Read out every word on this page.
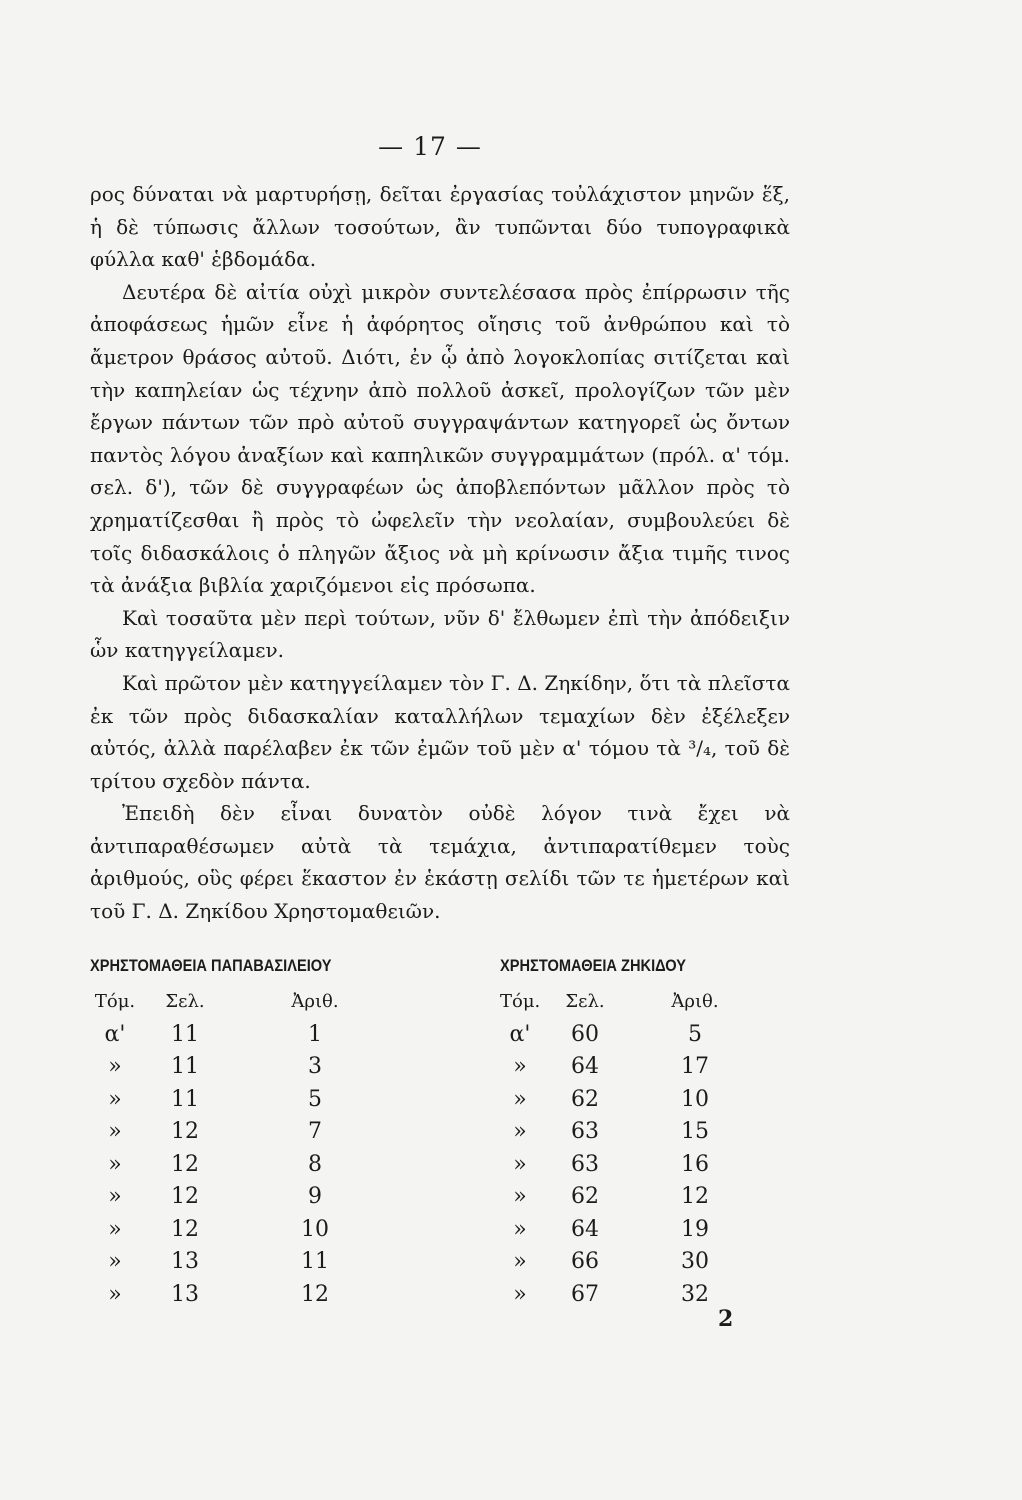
— 17 —

ρος δύναται νὰ μαρτυρήσῃ, δεῖται ἐργασίας τοὐλάχιστον μηνῶν ἕξ, ἡ δὲ τύπωσις ἄλλων τοσούτων, ἂν τυπῶνται δύο τυπογραφικὰ φύλλα καθ' ἑβδομάδα.

Δευτέρα δὲ αἰτία οὐχὶ μικρὸν συντελέσασα πρὸς ἐπίρρωσιν τῆς ἀποφάσεως ἡμῶν εἶνε ἡ ἀφόρητος οἴησις τοῦ ἀνθρώπου καὶ τὸ ἄμετρον θράσος αὐτοῦ. Διότι, ἐν ᾧ ἀπὸ λογοκλοπίας σιτίζεται καὶ τὴν καπηλείαν ὡς τέχνην ἀπὸ πολλοῦ ἀσκεῖ, προλογίζων τῶν μὲν ἔργων πάντων τῶν πρὸ αὐτοῦ συγγραψάντων κατηγορεῖ ὡς ὄντων παντὸς λόγου ἀναξίων καὶ καπηλικῶν συγγραμμάτων (πρόλ. α' τόμ. σελ. δ'), τῶν δὲ συγγραφέων ὡς ἀποβλεπόντων μᾶλλον πρὸς τὸ χρηματίζεσθαι ἢ πρὸς τὸ ὠφελεῖν τὴν νεολαίαν, συμβουλεύει δὲ τοῖς διδασκάλοις ὁ πληγῶν ἄξιος νὰ μὴ κρίνωσιν ἄξια τιμῆς τινος τὰ ἀνάξια βιβλία χαριζόμενοι εἰς πρόσωπα.

Καὶ τοσαῦτα μὲν περὶ τούτων, νῦν δ' ἔλθωμεν ἐπὶ τὴν ἀπόδειξιν ὧν κατηγγείλαμεν.

Καὶ πρῶτον μὲν κατηγγείλαμεν τὸν Γ. Δ. Ζηκίδην, ὅτι τὰ πλεῖστα ἐκ τῶν πρὸς διδασκαλίαν καταλλήλων τεμαχίων δὲν ἐξέλεξεν αὐτός, ἀλλὰ παρέλαβεν ἐκ τῶν ἐμῶν τοῦ μὲν α' τόμου τὰ ³/₄, τοῦ δὲ τρίτου σχεδὸν πάντα.

Ἐπειδὴ δὲν εἶναι δυνατὸν οὐδὲ λόγον τινὰ ἔχει νὰ ἀντιπαραθέσωμεν αὐτὰ τὰ τεμάχια, ἀντιπαρατίθεμεν τοὺς ἀριθμούς, οὓς φέρει ἕκαστον ἐν ἑκάστῃ σελίδι τῶν τε ἡμετέρων καὶ τοῦ Γ. Δ. Ζηκίδου Χρηστομαθειῶν.

ΧΡΗΣΤΟΜΑΘΕΙΑ ΠΑΠΑΒΑΣΙΛΕΙΟΥ
Τόμ.	Σελ.	Ἀριθ.
α'	11	1
»	11	3
»	11	5
»	12	7
»	12	8
»	12	9
»	12	10
»	13	11
»	13	12
ΧΡΗΣΤΟΜΑΘΕΙΑ ΖΗΚΙΔΟΥ
Τόμ.	Σελ.	Ἀριθ.
α'	60	5
»	64	17
»	62	10
»	63	15
»	63	16
»	62	12
»	64	19
»	66	30
»	67	32
2
